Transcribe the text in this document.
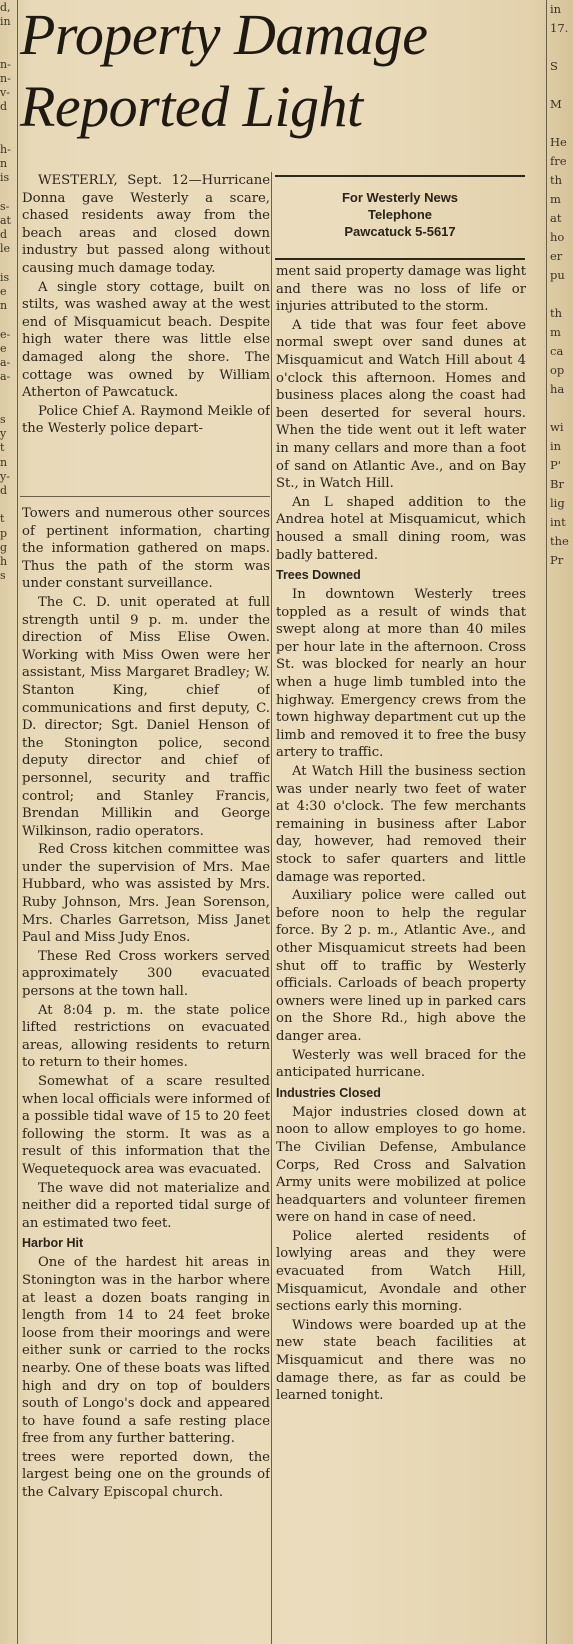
d,
in

n-
n-
v-
d

h-
n
is

s-
at
d
le

is
e
n

e-
e
a-
a-

s
y
t
n
y-
d

t
p
g
h
s
in
17.

S

M

He
fre
th
m
at
ho
er
pu

th
m
ca
op
ha

wi
in
P'
Br
lig
int
the
Pr
Property Damage
Reported Light
For Westerly News
Telephone
Pawcatuck 5-5617

WESTERLY, Sept. 12—Hurricane Donna gave Westerly a scare, chased residents away from the beach areas and closed down industry but passed along without causing much damage today.

A single story cottage, built on stilts, was washed away at the west end of Misquamicut beach. Despite high water there was little else damaged along the shore. The cottage was owned by William Atherton of Pawcatuck.

Police Chief A. Raymond Meikle of the Westerly police depart-

Towers and numerous other sources of pertinent information, charting the information gathered on maps. Thus the path of the storm was under constant surveillance.

The C. D. unit operated at full strength until 9 p. m. under the direction of Miss Elise Owen. Working with Miss Owen were her assistant, Miss Margaret Bradley; W. Stanton King, chief of communications and first deputy, C. D. director; Sgt. Daniel Henson of the Stonington police, second deputy director and chief of personnel, security and traffic control; and Stanley Francis, Brendan Millikin and George Wilkinson, radio operators.

Red Cross kitchen committee was under the supervision of Mrs. Mae Hubbard, who was assisted by Mrs. Ruby Johnson, Mrs. Jean Sorenson, Mrs. Charles Garretson, Miss Janet Paul and Miss Judy Enos.

These Red Cross workers served approximately 300 evacuated persons at the town hall.

At 8:04 p. m. the state police lifted restrictions on evacuated areas, allowing residents to return to return to their homes.

Somewhat of a scare resulted when local officials were informed of a possible tidal wave of 15 to 20 feet following the storm. It was as a result of this information that the Wequetequock area was evacuated.

The wave did not materialize and neither did a reported tidal surge of an estimated two feet.

Harbor Hit

One of the hardest hit areas in Stonington was in the harbor where at least a dozen boats ranging in length from 14 to 24 feet broke loose from their moorings and were either sunk or carried to the rocks nearby. One of these boats was lifted high and dry on top of boulders south of Longo's dock and appeared to have found a safe resting place free from any further battering.

trees were reported down, the largest being one on the grounds of the Calvary Episcopal church.

ment said property damage was light and there was no loss of life or injuries attributed to the storm.

A tide that was four feet above normal swept over sand dunes at Misquamicut and Watch Hill about 4 o'clock this afternoon. Homes and business places along the coast had been deserted for several hours. When the tide went out it left water in many cellars and more than a foot of sand on Atlantic Ave., and on Bay St., in Watch Hill.

An L shaped addition to the Andrea hotel at Misquamicut, which housed a small dining room, was badly battered.

Trees Downed

In downtown Westerly trees toppled as a result of winds that swept along at more than 40 miles per hour late in the afternoon. Cross St. was blocked for nearly an hour when a huge limb tumbled into the highway. Emergency crews from the town highway department cut up the limb and removed it to free the busy artery to traffic.

At Watch Hill the business section was under nearly two feet of water at 4:30 o'clock. The few merchants remaining in business after Labor day, however, had removed their stock to safer quarters and little damage was reported.

Auxiliary police were called out before noon to help the regular force. By 2 p. m., Atlantic Ave., and other Misquamicut streets had been shut off to traffic by Westerly officials. Carloads of beach property owners were lined up in parked cars on the Shore Rd., high above the danger area.

Westerly was well braced for the anticipated hurricane.

Industries Closed

Major industries closed down at noon to allow employes to go home. The Civilian Defense, Ambulance Corps, Red Cross and Salvation Army units were mobilized at police headquarters and volunteer firemen were on hand in case of need.

Police alerted residents of lowlying areas and they were evacuated from Watch Hill, Misquamicut, Avondale and other sections early this morning.

Windows were boarded up at the new state beach facilities at Misquamicut and there was no damage there, as far as could be learned tonight.
